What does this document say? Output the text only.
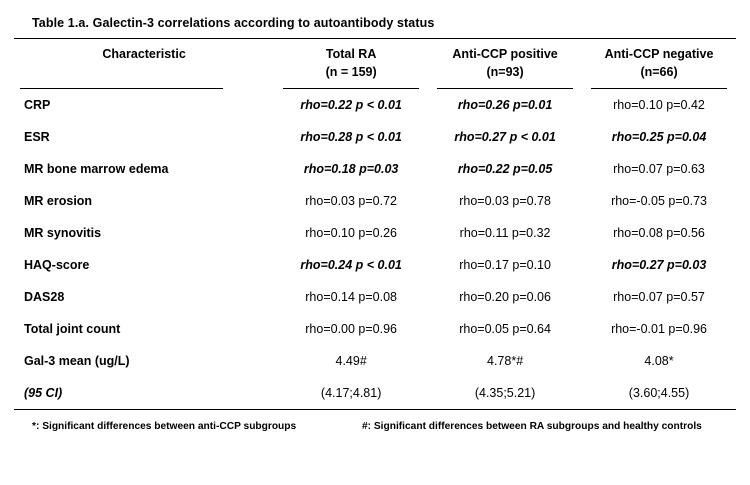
Table 1.a. Galectin-3 correlations according to autoantibody status

Characteristic	Total RA	Anti-CCP positive	Anti-CCP negative
	(n = 159)	(n=93)	(n=66)

CRP	rho=0.22 p < 0.01	rho=0.26 p=0.01	rho=0.10 p=0.42
ESR	rho=0.28 p < 0.01	rho=0.27 p < 0.01	rho=0.25 p=0.04
MR bone marrow edema	rho=0.18 p=0.03	rho=0.22 p=0.05	rho=0.07 p=0.63
MR erosion	rho=0.03 p=0.72	rho=0.03 p=0.78	rho=-0.05 p=0.73
MR synovitis	rho=0.10 p=0.26	rho=0.11 p=0.32	rho=0.08 p=0.56
HAQ-score	rho=0.24 p < 0.01	rho=0.17 p=0.10	rho=0.27 p=0.03
DAS28	rho=0.14 p=0.08	rho=0.20 p=0.06	rho=0.07 p=0.57
Total joint count	rho=0.00 p=0.96	rho=0.05 p=0.64	rho=-0.01 p=0.96
Gal-3 mean (ug/L)	4.49#	4.78*#	4.08*
(95 CI)	(4.17;4.81)	(4.35;5.21)	(3.60;4.55)

*: Significant differences between anti-CCP subgroups #: Significant differences between RA subgroups and healthy controls			
